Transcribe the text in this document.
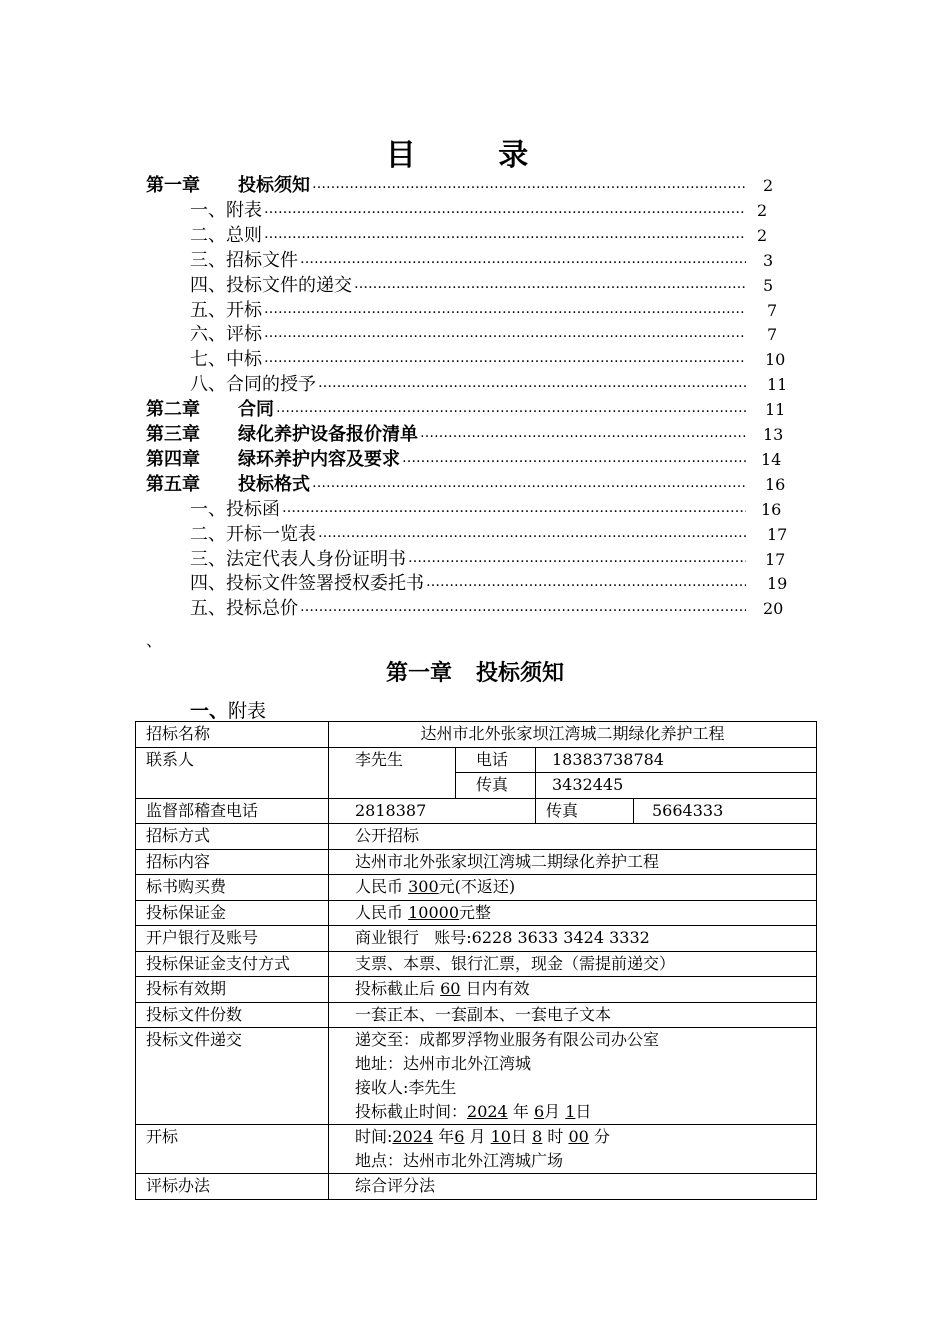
目 录
第一章	投标须知 …………………………………………………………………………………………………………………………………………………………………………	2
一、 附表 …………………………………………………………………………………………………………………………………………………………………………	2
二、 总则 …………………………………………………………………………………………………………………………………………………………………………	2
三、 招标文件 …………………………………………………………………………………………………………………………………………………………………………	3
四、 投标文件的递交 …………………………………………………………………………………………………………………………………………………………………………	5
五、 开标 …………………………………………………………………………………………………………………………………………………………………………	7
六、 评标 …………………………………………………………………………………………………………………………………………………………………………	7
七、 中标 …………………………………………………………………………………………………………………………………………………………………………	10
八、 合同的授予 …………………………………………………………………………………………………………………………………………………………………………	11
第二章	合同 …………………………………………………………………………………………………………………………………………………………………………	11
第三章	绿化养护设备报价清单 …………………………………………………………………………………………………………………………………………………………………………	13
第四章	绿环养护内容及要求 …………………………………………………………………………………………………………………………………………………………………………	14
第五章	投标格式 …………………………………………………………………………………………………………………………………………………………………………	16
一、 投标函 …………………………………………………………………………………………………………………………………………………………………………	16
二、 开标一览表 …………………………………………………………………………………………………………………………………………………………………………	17
三、 法定代表人身份证明书 …………………………………………………………………………………………………………………………………………………………………………	17
四、 投标文件签署授权委托书 …………………………………………………………………………………………………………………………………………………………………………	19
五、 投标总价 …………………………………………………………………………………………………………………………………………………………………………	20
、
第一章 投标须知
一、附表
招标名称	达州市北外张家坝江湾城二期绿化养护工程			
联系人	李先生	电话	18383738784	
		传真	3432445	
监督部稽查电话	2818387		传真	5664333
招标方式	公开招标			
招标内容	达州市北外张家坝江湾城二期绿化养护工程			
标书购买费	人民币 300元(不返还)			
投标保证金	人民币 10000元整			
开户银行及账号	商业银行 账号:6228 3633 3424 3332			
投标保证金支付方式	支票、本票、银行汇票，现金（需提前递交）			
投标有效期	投标截止后 60 日内有效			
投标文件份数	一套正本、一套副本、一套电子文本			
投标文件递交	递交至：成都罗浮物业服务有限公司办公室
地址：达州市北外江湾城
接收人:李先生
投标截止时间：2024 年 6月 1日			

开标	时间:2024 年6 月 10日 8 时 00 分
地点：达州市北外江湾城广场			

评标办法	综合评分法			
